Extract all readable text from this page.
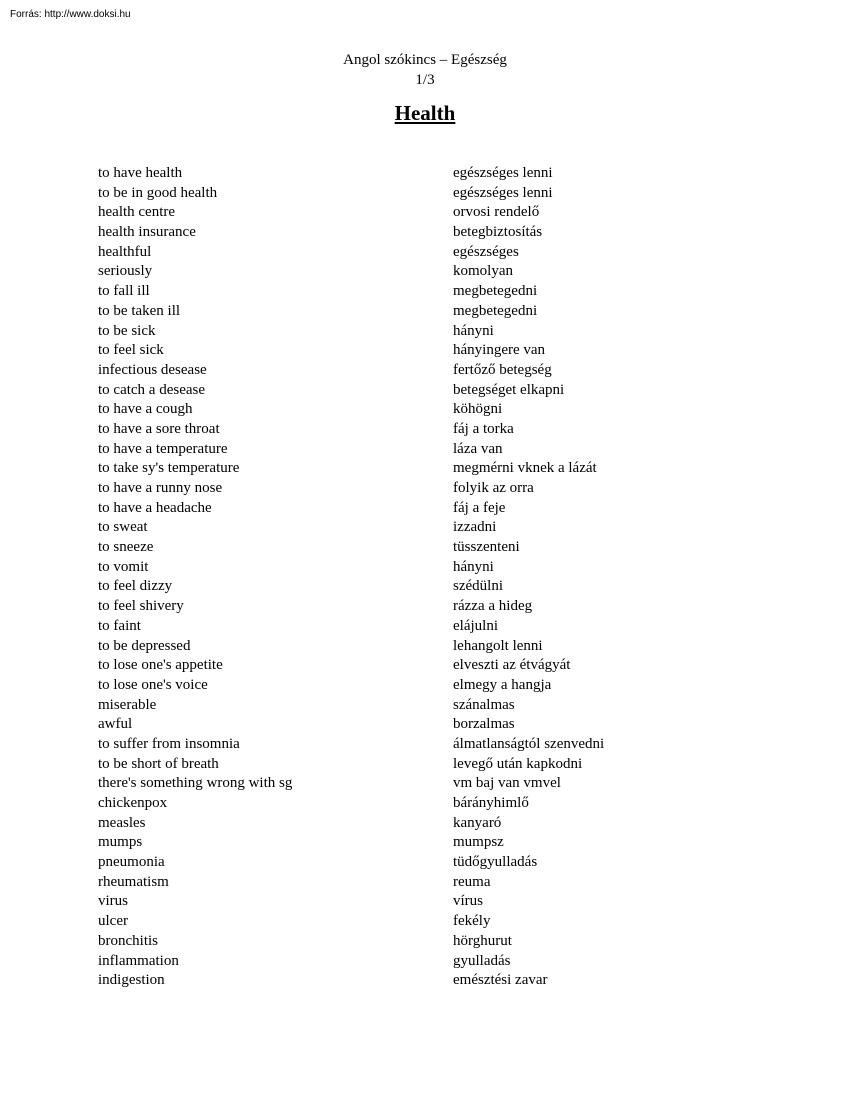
Forrás: http://www.doksi.hu
Angol szókincs – Egészség
1/3
Health
to have health	egészséges lenni
to be in good health	egészséges lenni
health centre	orvosi rendelő
health insurance	betegbiztosítás
healthful	egészséges
seriously	komolyan
to fall ill	megbetegedni
to be taken ill	megbetegedni
to be sick	hányni
to feel sick	hányingere van
infectious desease	fertőző betegség
to catch a desease	betegséget elkapni
to have a cough	köhögni
to have a sore throat	fáj a torka
to have a temperature	láza van
to take sy's temperature	megmérni vknek a lázát
to have a runny nose	folyik az orra
to have a headache	fáj a feje
to sweat	izzadni
to sneeze	tüsszenteni
to vomit	hányni
to feel dizzy	szédülni
to feel shivery	rázza a hideg
to faint	elájulni
to be depressed	lehangolt lenni
to lose one's appetite	elveszti az étvágyát
to lose one's voice	elmegy a hangja
miserable	szánalmas
awful	borzalmas
to suffer from insomnia	álmatlanságtól szenvedni
to be short of breath	levegő után kapkodni
there's something wrong with sg	vm baj van vmvel
chickenpox	bárányhimlő
measles	kanyaró
mumps	mumpsz
pneumonia	tüdőgyulladás
rheumatism	reuma
virus	vírus
ulcer	fekély
bronchitis	hörghurut
inflammation	gyulladás
indigestion	emésztési zavar
